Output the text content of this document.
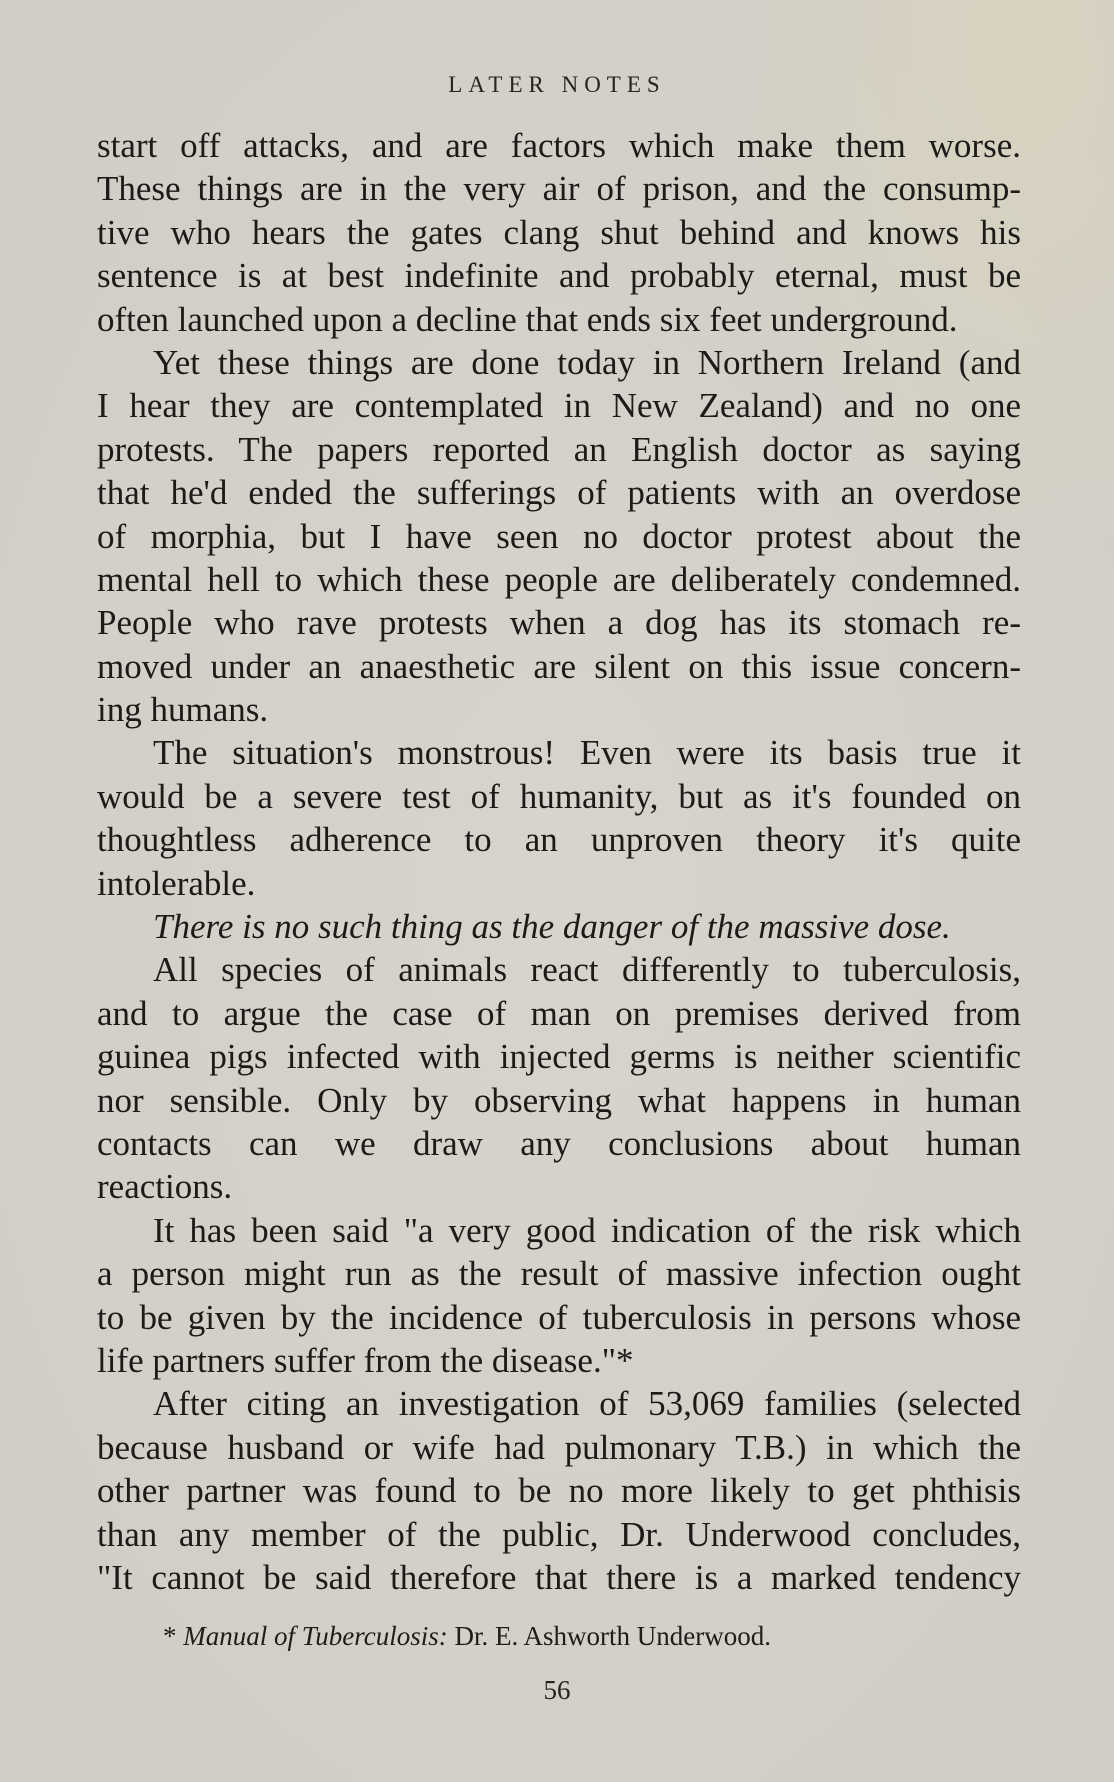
LATER NOTES
start off attacks, and are factors which make them worse.
These things are in the very air of prison, and the consump-
tive who hears the gates clang shut behind and knows his
sentence is at best indefinite and probably eternal, must be
often launched upon a decline that ends six feet underground.
Yet these things are done today in Northern Ireland (and
I hear they are contemplated in New Zealand) and no one
protests. The papers reported an English doctor as saying
that he'd ended the sufferings of patients with an overdose
of morphia, but I have seen no doctor protest about the
mental hell to which these people are deliberately condemned.
People who rave protests when a dog has its stomach re-
moved under an anaesthetic are silent on this issue concern-
ing humans.
The situation's monstrous! Even were its basis true it
would be a severe test of humanity, but as it's founded on
thoughtless adherence to an unproven theory it's quite
intolerable.
There is no such thing as the danger of the massive dose.
All species of animals react differently to tuberculosis,
and to argue the case of man on premises derived from
guinea pigs infected with injected germs is neither scientific
nor sensible. Only by observing what happens in human
contacts can we draw any conclusions about human
reactions.
It has been said "a very good indication of the risk which
a person might run as the result of massive infection ought
to be given by the incidence of tuberculosis in persons whose
life partners suffer from the disease."*
After citing an investigation of 53,069 families (selected
because husband or wife had pulmonary T.B.) in which the
other partner was found to be no more likely to get phthisis
than any member of the public, Dr. Underwood concludes,
"It cannot be said therefore that there is a marked tendency
* Manual of Tuberculosis: Dr. E. Ashworth Underwood.
56
